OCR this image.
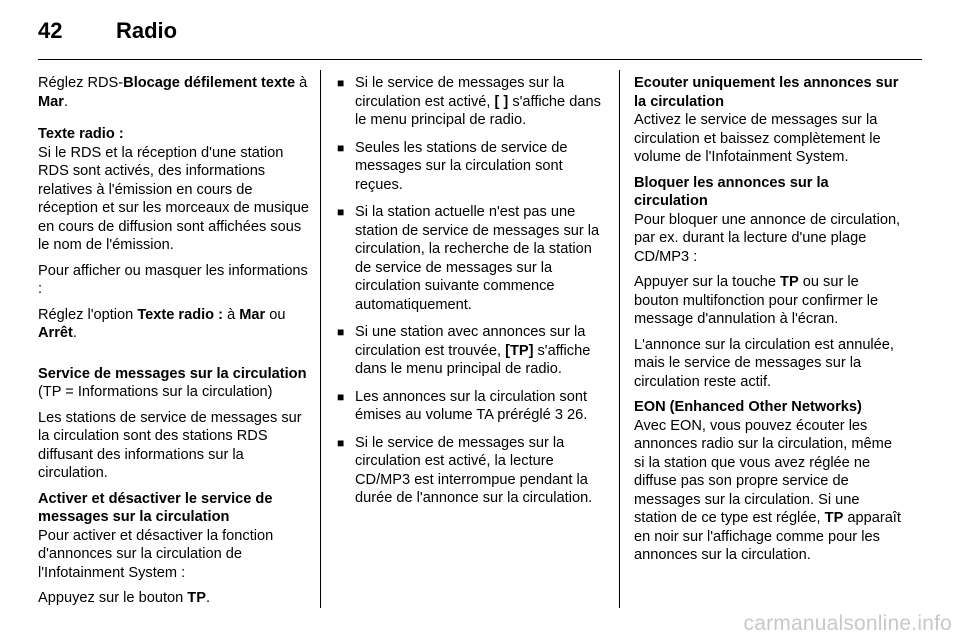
42 Radio

Réglez RDS-Blocage défilement texte à Mar.

Texte radio :

Si le RDS et la réception d'une station RDS sont activés, des informations relatives à l'émission en cours de réception et sur les morceaux de musique en cours de diffusion sont affichées sous le nom de l'émission.

Pour afficher ou masquer les informations :

Réglez l'option Texte radio : à Mar ou Arrêt.

Service de messages sur la circulation

(TP = Informations sur la circulation)

Les stations de service de messages sur la circulation sont des stations RDS diffusant des informations sur la circulation.

Activer et désactiver le service de messages sur la circulation

Pour activer et désactiver la fonction d'annonces sur la circulation de l'Infotainment System :

Appuyez sur le bouton TP.

■ Si le service de messages sur la circulation est activé, [ ] s'affiche dans le menu principal de radio.
■ Seules les stations de service de messages sur la circulation sont reçues.
■ Si la station actuelle n'est pas une station de service de messages sur la circulation, la recherche de la station de service de messages sur la circulation suivante commence automatiquement.
■ Si une station avec annonces sur la circulation est trouvée, [TP] s'affiche dans le menu principal de radio.
■ Les annonces sur la circulation sont émises au volume TA préréglé 3 26.
■ Si le service de messages sur la circulation est activé, la lecture CD/MP3 est interrompue pendant la durée de l'annonce sur la circulation.
Ecouter uniquement les annonces sur la circulation

Activez le service de messages sur la circulation et baissez complètement le volume de l'Infotainment System.

Bloquer les annonces sur la circulation

Pour bloquer une annonce de circulation, par ex. durant la lecture d'une plage CD/MP3 :

Appuyer sur la touche TP ou sur le bouton multifonction pour confirmer le message d'annulation à l'écran.

L'annonce sur la circulation est annulée, mais le service de messages sur la circulation reste actif.

EON (Enhanced Other Networks)

Avec EON, vous pouvez écouter les annonces radio sur la circulation, même si la station que vous avez réglée ne diffuse pas son propre service de messages sur la circulation. Si une station de ce type est réglée, TP apparaît en noir sur l'affichage comme pour les annonces sur la circulation.

carmanualsonline.info
